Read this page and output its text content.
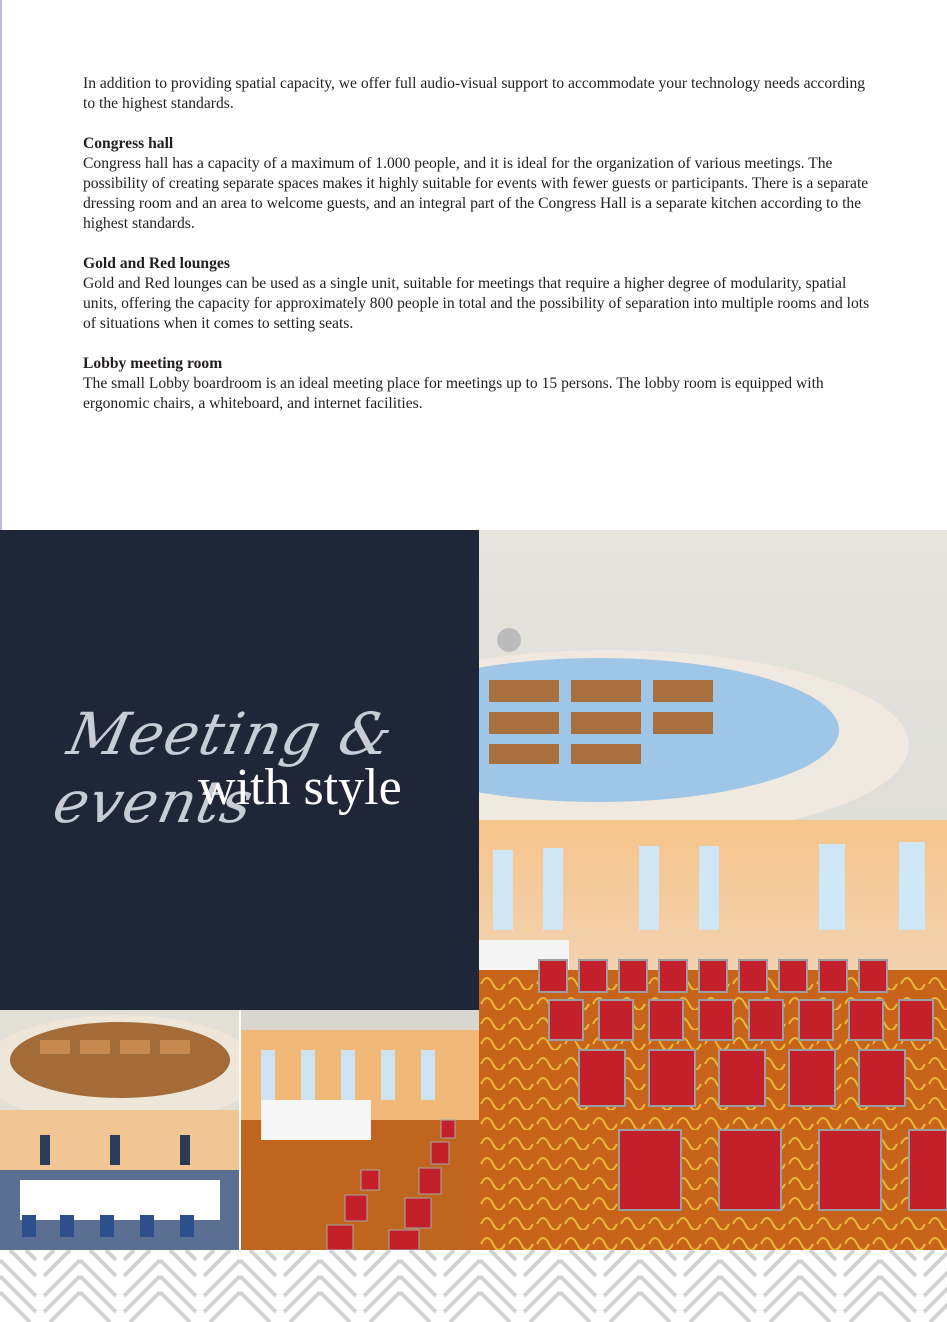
In addition to providing spatial capacity, we offer full audio-visual support to accommodate your technology needs according to the highest standards.

Congress hall

Congress hall has a capacity of a maximum of 1.000 people, and it is ideal for the organization of various meetings. The possibility of creating separate spaces makes it highly suitable for events with fewer guests or participants. There is a separate dressing room and an area to welcome guests, and an integral part of the Congress Hall is a separate kitchen according to the highest standards.

Gold and Red lounges

Gold and Red lounges can be used as a single unit, suitable for meetings that require a higher degree of modularity, spatial units, offering the capacity for approximately 800 people in total and the possibility of separation into multiple rooms and lots of situations when it comes to setting seats.

Lobby meeting room

The small Lobby boardroom is an ideal meeting place for meetings up to 15 persons. The lobby room is equipped with ergonomic chairs, a whiteboard, and internet facilities.

Meeting & events
with style
